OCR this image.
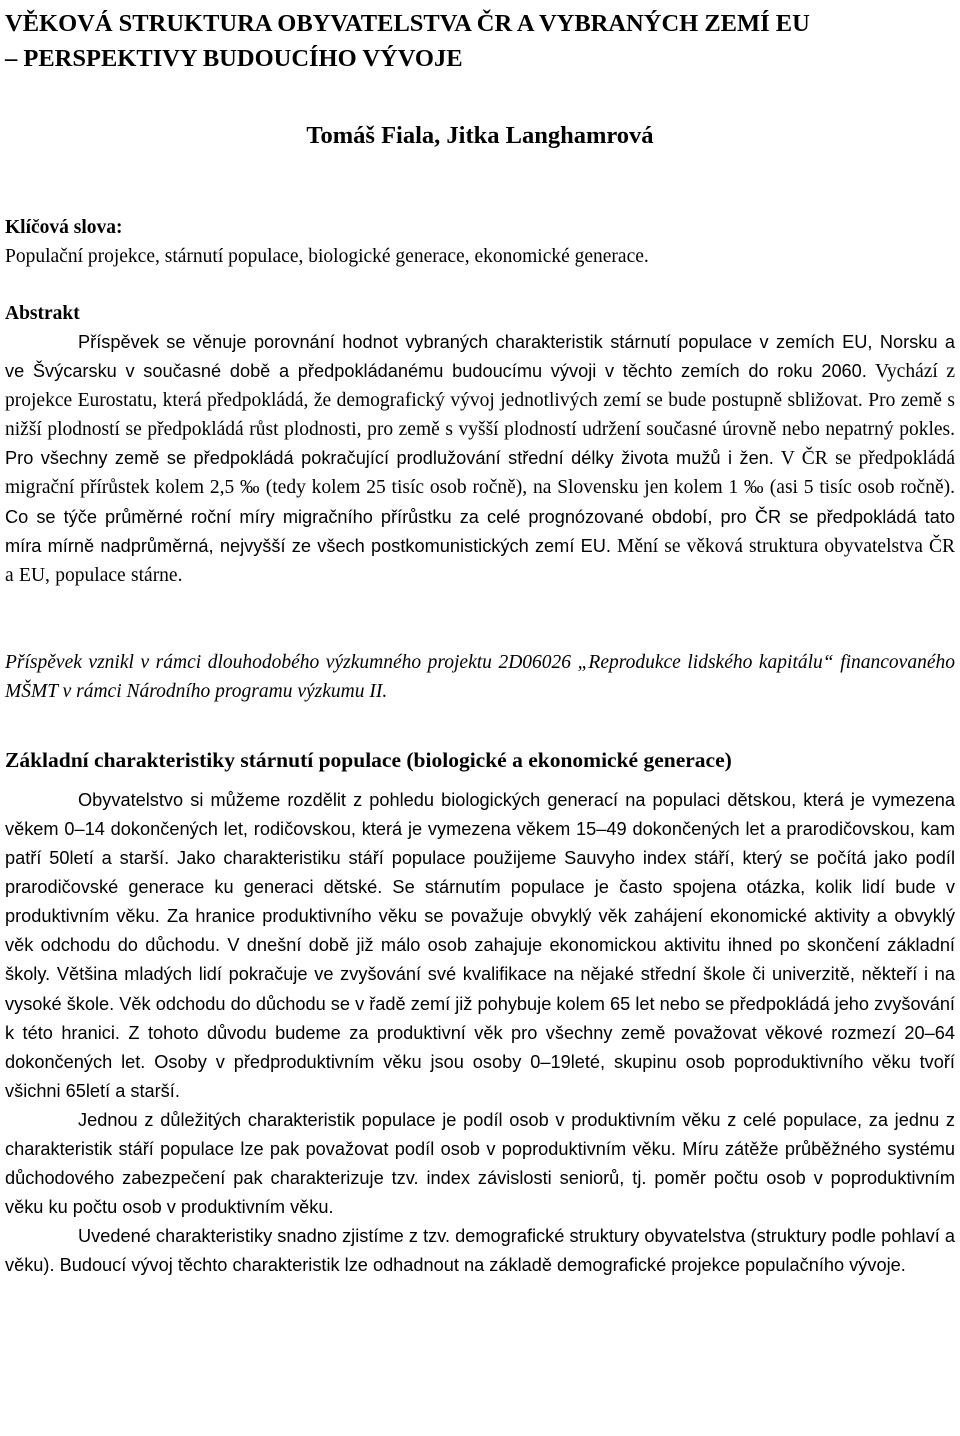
VĚKOVÁ STRUKTURA OBYVATELSTVA ČR A VYBRANÝCH ZEMÍ EU
– PERSPEKTIVY BUDOUCÍHO VÝVOJE
Tomáš Fiala, Jitka Langhamrová
Klíčová slova:
Populační projekce, stárnutí populace, biologické generace, ekonomické generace.
Abstrakt

Příspěvek se věnuje porovnání hodnot vybraných charakteristik stárnutí populace v zemích EU, Norsku a ve Švýcarsku v současné době a předpokládanému budoucímu vývoji v těchto zemích do roku 2060. Vychází z projekce Eurostatu, která předpokládá, že demografický vývoj jednotlivých zemí se bude postupně sbližovat. Pro země s nižší plodností se předpokládá růst plodnosti, pro země s vyšší plodností udržení současné úrovně nebo nepatrný pokles. Pro všechny země se předpokládá pokračující prodlužování střední délky života mužů i žen. V ČR se předpokládá migrační přírůstek kolem 2,5 ‰ (tedy kolem 25 tisíc osob ročně), na Slovensku jen kolem 1 ‰ (asi 5 tisíc osob ročně). Co se týče průměrné roční míry migračního přírůstku za celé prognózované období, pro ČR se předpokládá tato míra mírně nadprůměrná, nejvyšší ze všech postkomunistických zemí EU. Mění se věková struktura obyvatelstva ČR a EU, populace stárne.

Příspěvek vznikl v rámci dlouhodobého výzkumného projektu 2D06026 „Reprodukce lidského kapitálu“ financovaného MŠMT v rámci Národního programu výzkumu II.
Základní charakteristiky stárnutí populace (biologické a ekonomické generace)

Obyvatelstvo si můžeme rozdělit z pohledu biologických generací na populaci dětskou, která je vymezena věkem 0–14 dokončených let, rodičovskou, která je vymezena věkem 15–49 dokončených let a prarodičovskou, kam patří 50letí a starší. Jako charakteristiku stáří populace použijeme Sauvyho index stáří, který se počítá jako podíl prarodičovské generace ku generaci dětské. Se stárnutím populace je často spojena otázka, kolik lidí bude v produktivním věku. Za hranice produktivního věku se považuje obvyklý věk zahájení ekonomické aktivity a obvyklý věk odchodu do důchodu. V dnešní době již málo osob zahajuje ekonomickou aktivitu ihned po skončení základní školy. Většina mladých lidí pokračuje ve zvyšování své kvalifikace na nějaké střední škole či univerzitě, někteří i na vysoké škole. Věk odchodu do důchodu se v řadě zemí již pohybuje kolem 65 let nebo se předpokládá jeho zvyšování k této hranici. Z tohoto důvodu budeme za produktivní věk pro všechny země považovat věkové rozmezí 20–64 dokončených let. Osoby v předproduktivním věku jsou osoby 0–19leté, skupinu osob poproduktivního věku tvoří všichni 65letí a starší.

Jednou z důležitých charakteristik populace je podíl osob v produktivním věku z celé populace, za jednu z charakteristik stáří populace lze pak považovat podíl osob v poproduktivním věku. Míru zátěže průběžného systému důchodového zabezpečení pak charakterizuje tzv. index závislosti seniorů, tj. poměr počtu osob v poproduktivním věku ku počtu osob v produktivním věku.

Uvedené charakteristiky snadno zjistíme z tzv. demografické struktury obyvatelstva (struktury podle pohlaví a věku). Budoucí vývoj těchto charakteristik lze odhadnout na základě demografické projekce populačního vývoje.
